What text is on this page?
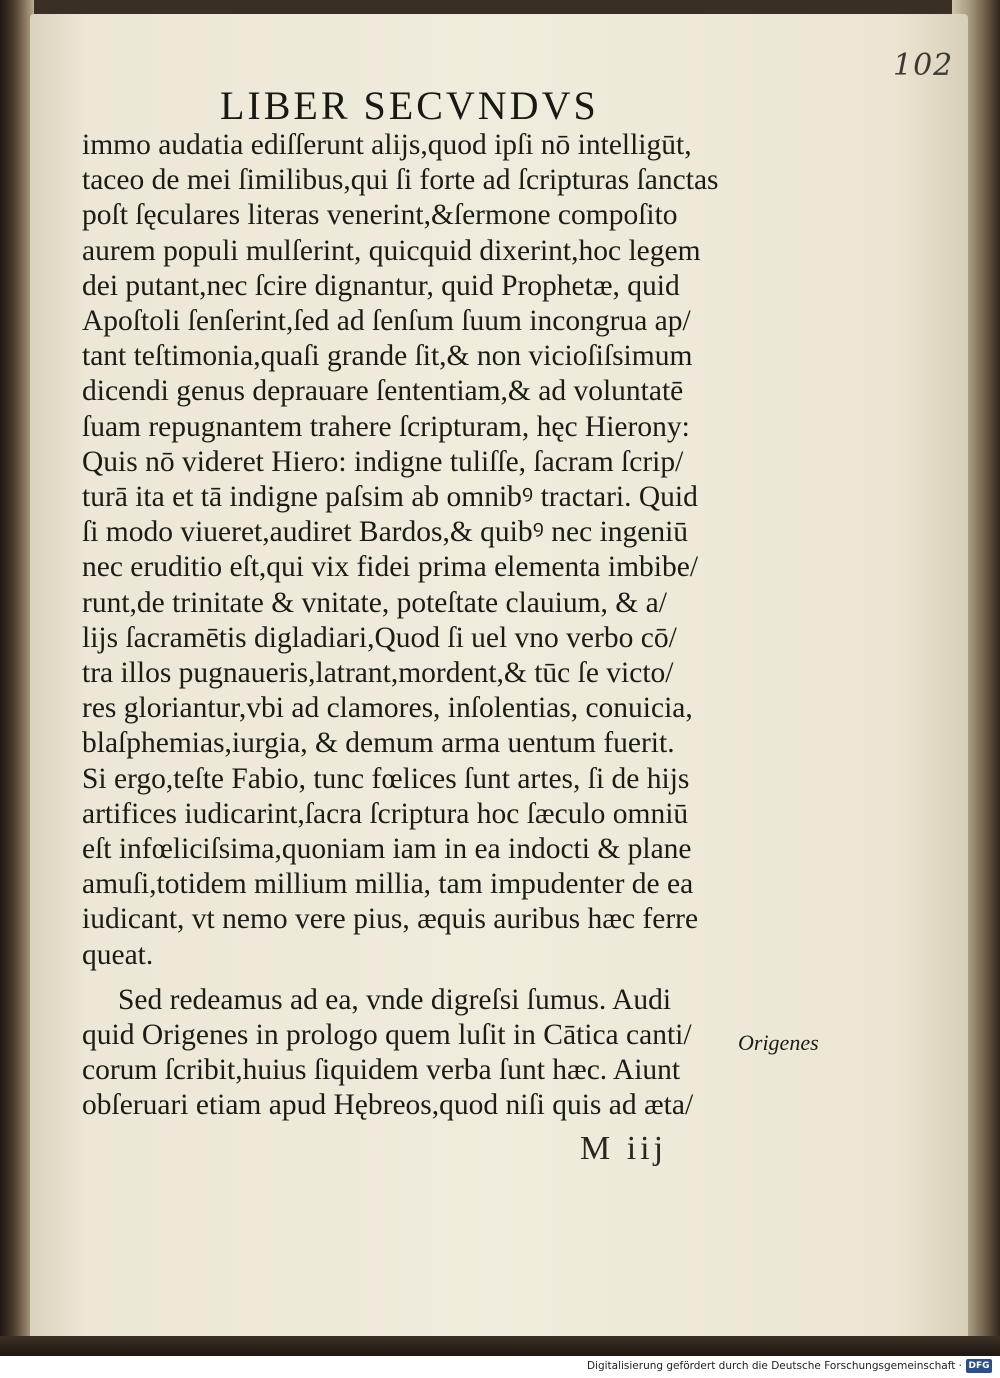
102
LIBER SECVNDVS
immo audatia ediſſerunt alijs,quod ipſi nō intelligūt,
taceo de mei ſimilibus,qui ſi forte ad ſcripturas ſanctas
poſt ſęculares literas venerint,&ſermone compoſito
aurem populi mulſerint, quicquid dixerint,hoc legem
dei putant,nec ſcire dignantur, quid Prophetæ, quid
Apoſtoli ſenſerint,ſed ad ſenſum ſuum incongrua ap/
tant teſtimonia,quaſi grande ſit,& non vicioſiſsimum
dicendi genus deprauare ſententiam,& ad voluntatē
ſuam repugnantem trahere ſcripturam, hęc Hierony:
Quis nō videret Hiero: indigne tuliſſe, ſacram ſcrip/
turā ita et tā indigne paſsim ab omnibꝰ tractari. Quid
ſi modo viueret,audiret Bardos,& quibꝰ nec ingeniū
nec eruditio eſt,qui vix fidei prima elementa imbibe/
runt,de trinitate & vnitate, poteſtate clauium, & a/
lijs ſacramētis digladiari,Quod ſi uel vno verbo cō/
tra illos pugnaueris,latrant,mordent,& tūc ſe victo/
res gloriantur,vbi ad clamores, inſolentias, conuicia,
blaſphemias,iurgia, & demum arma uentum fuerit.
Si ergo,teſte Fabio, tunc fœlices ſunt artes, ſi de hijs
artifices iudicarint,ſacra ſcriptura hoc ſæculo omniū
eſt infœliciſsima,quoniam iam in ea indocti & plane
amuſi,totidem millium millia, tam impudenter de ea
iudicant, vt nemo vere pius, æquis auribus hæc ferre
queat.
Sed redeamus ad ea, vnde digreſsi ſumus. Audi
quid Origenes in prologo quem luſit in Cātica canti/
corum ſcribit,huius ſiquidem verba ſunt hæc. Aiunt
obſeruari etiam apud Hębreos,quod niſi quis ad æta/
Origenes
M iij
Digitalisierung gefördert durch die Deutsche Forschungsgemeinschaft · DFG
